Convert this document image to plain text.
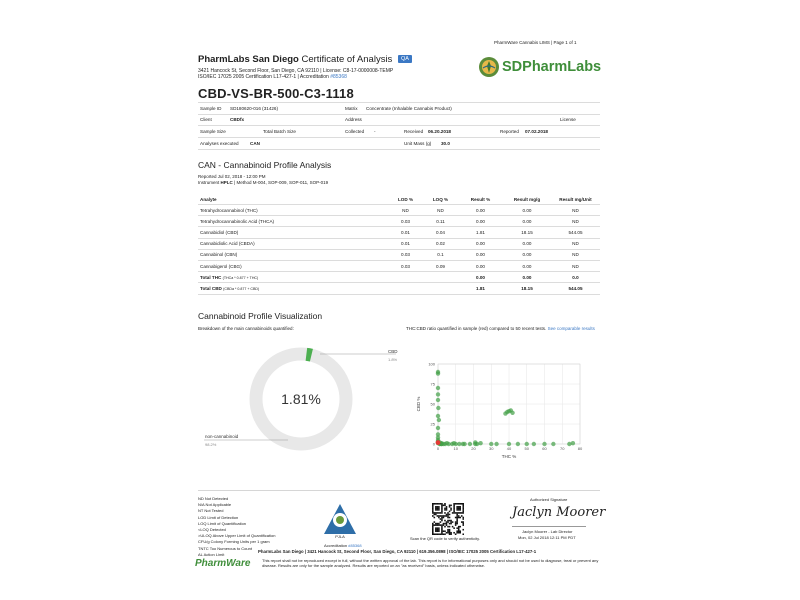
PharmWare Cannabis LIMS | Page 1 of 1
PharmLabs San Diego Certificate of Analysis QA
3421 Hancock St, Second Floor, San Diego, CA 92110 | License: C8-17-0000008-TEMP
ISO/IEC 17025 2005 Certification L17-427-1 | Accreditation #85368
SDPharmLabs
CBD-VS-BR-500-C3-1118
Sample ID SD180620-016 (31426)	Matrix Concentrate (Inhalable Cannabis Product)
Client	CBDfx	Address	License
Sample Size	Total Batch Size	Collected -	Received 06.20.2018	Reported 07.02.2018
Analyses executed CAN	Unit Mass (g) 30.0
CAN - Cannabinoid Profile Analysis
Reported Jul 02, 2018 - 12:00 PM
Instrument HPLC | Method M-004, SOP-009, SOP-011, SOP-019
Analyte	LOD %	LOQ %	Result %	Result mg/g	Result mg/Unit
Tetrahydrocannabinol (THC)	ND	ND	0.00	0.00	ND
Tetrahydrocannabinolic Acid (THCA)	0.03	0.11	0.00	0.00	ND
Cannabidiol (CBD)	0.01	0.04	1.81	18.15	544.05
Cannabidiolic Acid (CBDA)	0.01	0.02	0.00	0.00	ND
Cannabinol (CBN)	0.03	0.1	0.00	0.00	ND
Cannabigerol (CBG)	0.03	0.09	0.00	0.00	ND
Total THC (THCa * 0.877 + THC)			0.00	0.00	0.0
Total CBD (CBDa * 0.877 + CBD)			1.81	18.15	544.05
Cannabinoid Profile Visualization
Breakdown of the main cannabinoids quantified:	THC:CBD ratio quantified in sample (red) compared to 50 recent tests. See comparable results
1.81%
CBD
1.8%
non-cannabinoid
98.2%
0	10	20	30	40	50	60	70	80
0
25
50
75
100
THC %
CBD %
ND Not Detected
N/A Not Applicable
NT Not Tested
LOD Limit of Detection
LOQ Limit of Quantification
<LOQ Detected
>ULOQ Above Upper Limit of Quantification
CFU/g Colony Forming Units per 1 gram
TNTC Too Numerous to Count
AL Action Limit
PJLA
Accreditation #85368
Scan the QR code to verify authenticity.
Authorized Signature
Jaclyn Moorer
Jaclyn Moorer - Lab Director
Mon, 02 Jul 2018 12:11 PM PDT
PharmLabs San Diego | 3421 Hancock St, Second Floor, San Diego, CA 92110 | 619.356.0898 | ISO/IEC 17025 2005 Certification L17-427-1
PharmWare	This report shall not be reproduced except in full, without the written approval of the lab. This report is for informational purposes only and should not be used to diagnose, treat or prevent any disease. Results are only for the sample analyzed. Results are reported on an "as received" basis, unless indicated otherwise.
